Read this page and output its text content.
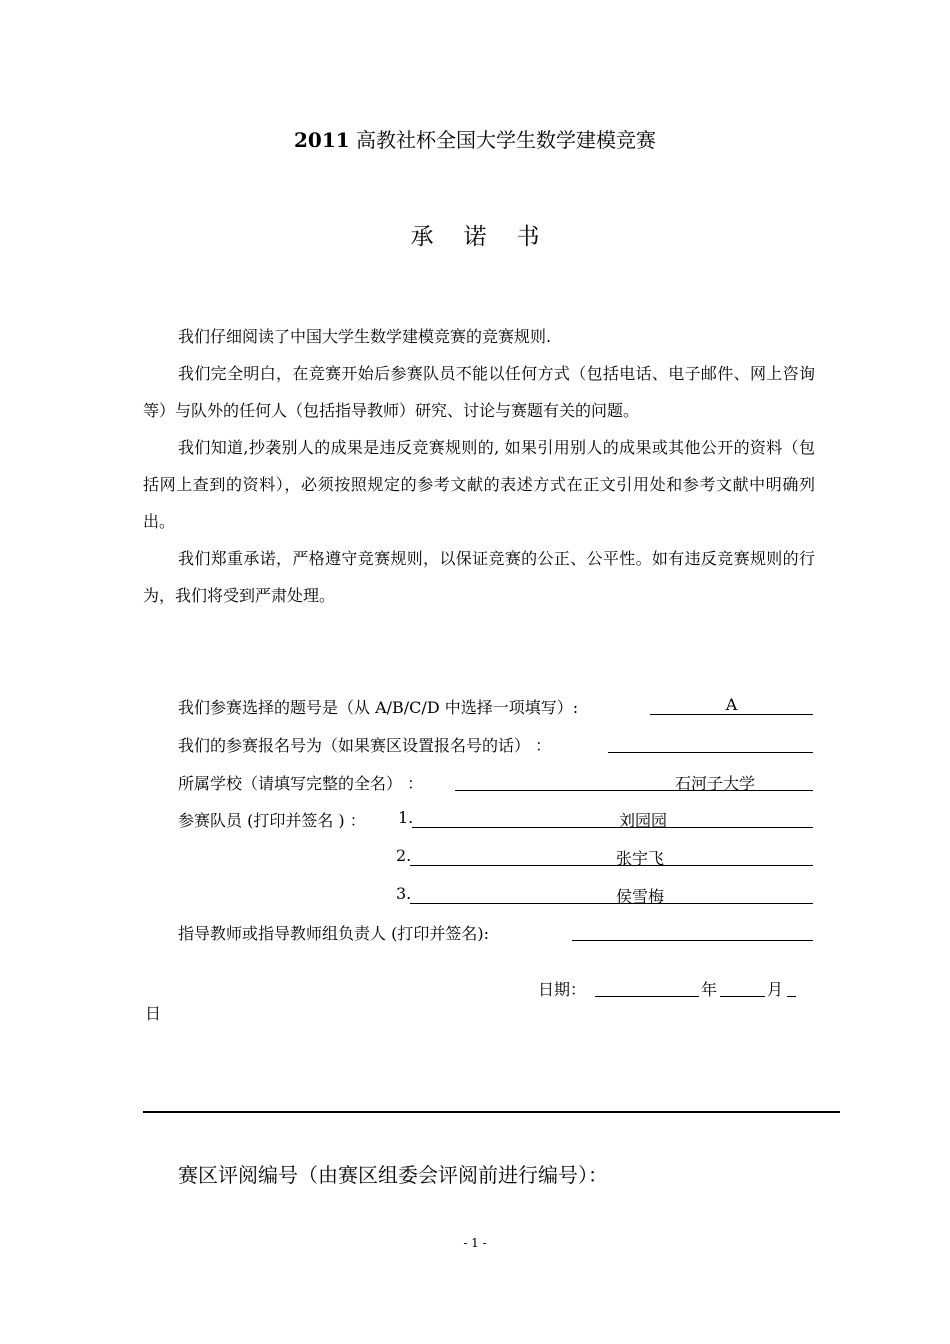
2011 高教社杯全国大学生数学建模竞赛
承诺书

我们仔细阅读了中国大学生数学建模竞赛的竞赛规则.

我们完全明白，在竞赛开始后参赛队员不能以任何方式（包括电话、电子邮件、网上咨询等）与队外的任何人（包括指导教师）研究、讨论与赛题有关的问题。

我们知道,抄袭别人的成果是违反竞赛规则的, 如果引用别人的成果或其他公开的资料（包括网上查到的资料），必须按照规定的参考文献的表述方式在正文引用处和参考文献中明确列出。

我们郑重承诺，严格遵守竞赛规则，以保证竞赛的公正、公平性。如有违反竞赛规则的行为，我们将受到严肃处理。

我们参赛选择的题号是（从 A/B/C/D 中选择一项填写）:	A
我们的参赛报名号为（如果赛区设置报名号的话） ：
所属学校（请填写完整的全名） ：	石河子大学
参赛队员 (打印并签名 ) ： 1.	刘园园
2.	张宇飞
3.	侯雪梅
指导教师或指导教师组负责人 (打印并签名):
日期：	年	月
日
赛区评阅编号（由赛区组委会评阅前进行编号）：
- 1 -
